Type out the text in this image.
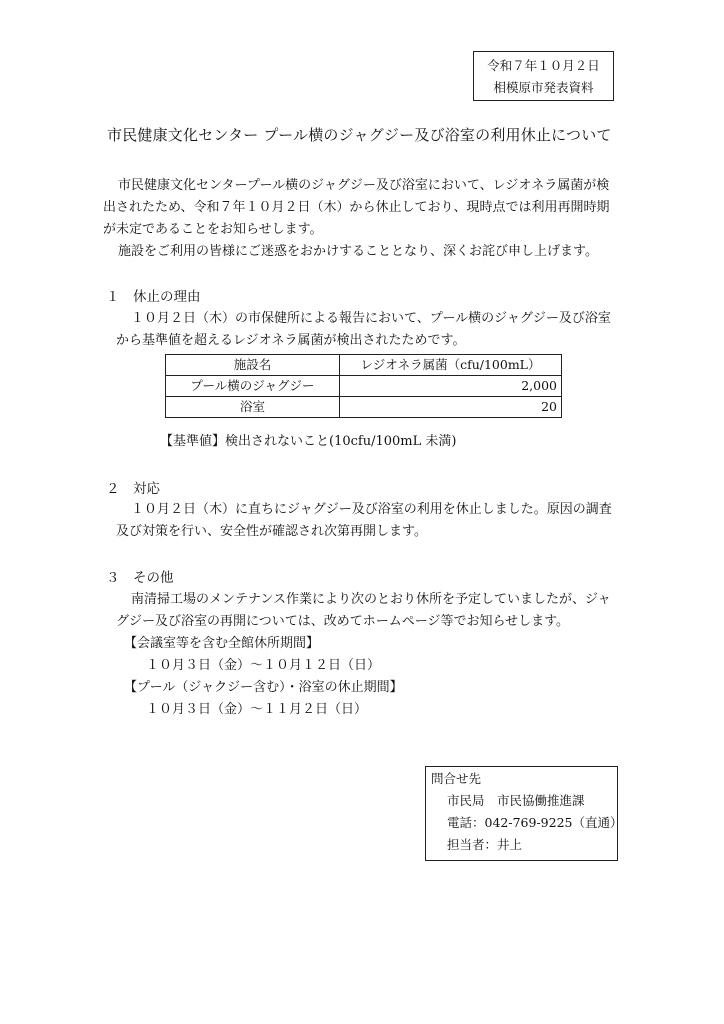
令和７年１０月２日
相模原市発表資料
市民健康文化センター プール横のジャグジー及び浴室の利用休止について
市民健康文化センタープール横のジャグジー及び浴室において、レジオネラ属菌が検
出されたため、令和７年１０月２日（木）から休止しており、現時点では利用再開時期
が未定であることをお知らせします。
施設をご利用の皆様にご迷惑をおかけすることとなり、深くお詫び申し上げます。
１　休止の理由
１０月２日（木）の市保健所による報告において、プール横のジャグジー及び浴室
から基準値を超えるレジオネラ属菌が検出されたためです。
施設名	レジオネラ属菌（cfu/100mL）
プール横のジャグジー	2,000
浴室	20
【基準値】検出されないこと(10cfu/100mL 未満)
２　対応
１０月２日（木）に直ちにジャグジー及び浴室の利用を休止しました。原因の調査
及び対策を行い、安全性が確認され次第再開します。
３　その他
南清掃工場のメンテナンス作業により次のとおり休所を予定していましたが、ジャ
グジー及び浴室の再開については、改めてホームページ等でお知らせします。
【会議室等を含む全館休所期間】
１０月３日（金）～１０月１２日（日）
【プール（ジャクジー含む）・浴室の休止期間】
１０月３日（金）～１１月２日（日）
問合せ先
市民局　市民協働推進課
電話：042-769-9225（直通）
担当者：井上
